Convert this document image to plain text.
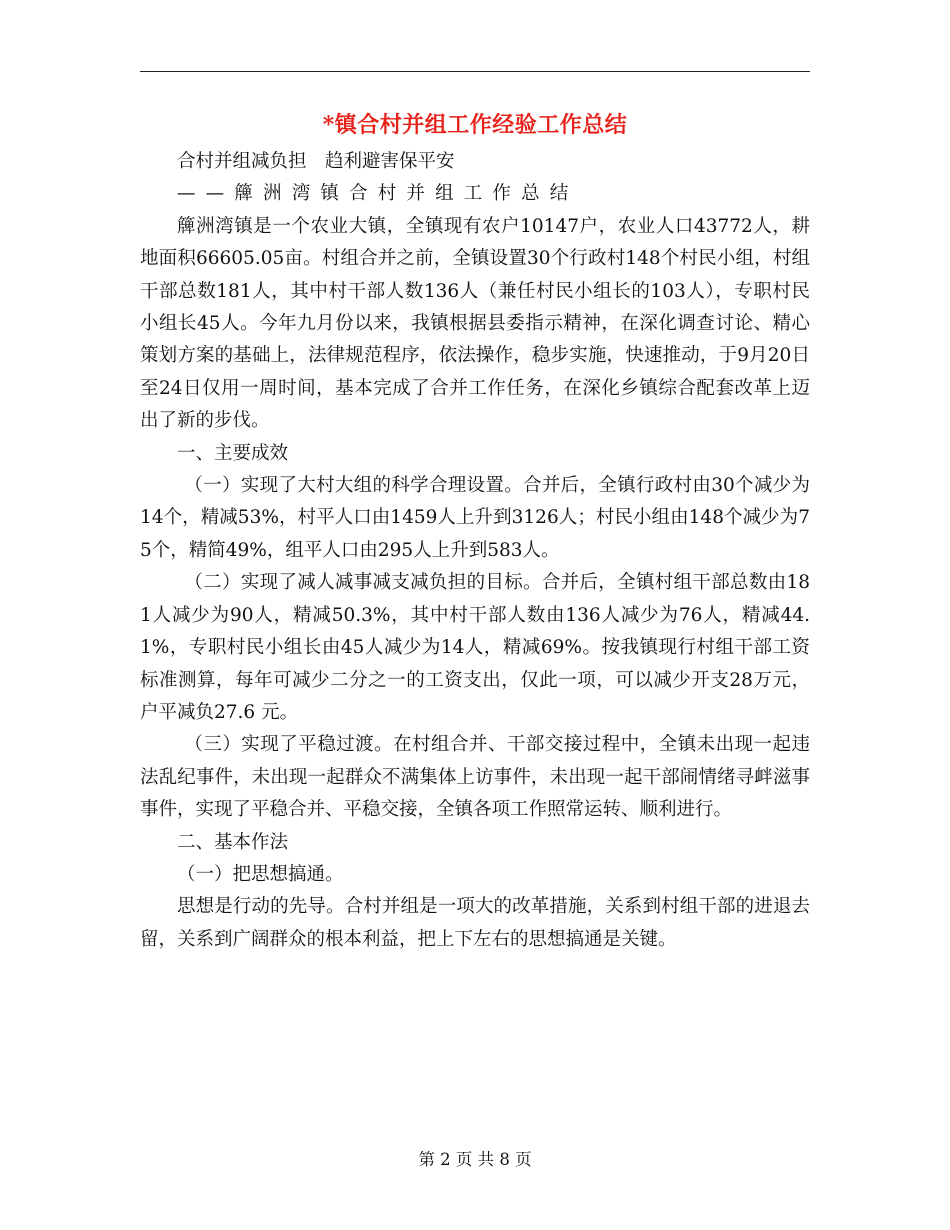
*镇合村并组工作经验工作总结

合村并组减负担　趋利避害保平安

——簰洲湾镇合村并组工作总结

簰洲湾镇是一个农业大镇，全镇现有农户10147户，农业人口43772人，耕地面积66605.05亩。村组合并之前，全镇设置30个行政村148个村民小组，村组干部总数181人，其中村干部人数136人（兼任村民小组长的103人），专职村民小组长45人。今年九月份以来，我镇根据县委指示精神，在深化调查讨论、精心策划方案的基础上，法律规范程序，依法操作，稳步实施，快速推动，于9月20日至24日仅用一周时间，基本完成了合并工作任务，在深化乡镇综合配套改革上迈出了新的步伐。

一、主要成效

（一）实现了大村大组的科学合理设置。合并后，全镇行政村由30个减少为14个，精减53%，村平人口由1459人上升到3126人；村民小组由148个减少为75个，精简49%，组平人口由295人上升到583人。

（二）实现了减人减事减支减负担的目标。合并后，全镇村组干部总数由181人减少为90人，精减50.3%，其中村干部人数由136人减少为76人，精减44.1%，专职村民小组长由45人减少为14人，精减69%。按我镇现行村组干部工资标准测算，每年可减少二分之一的工资支出，仅此一项，可以减少开支28万元，户平减负27.6 元。

（三）实现了平稳过渡。在村组合并、干部交接过程中，全镇未出现一起违法乱纪事件，未出现一起群众不满集体上访事件，未出现一起干部闹情绪寻衅滋事事件，实现了平稳合并、平稳交接，全镇各项工作照常运转、顺利进行。

二、基本作法

（一）把思想搞通。

思想是行动的先导。合村并组是一项大的改革措施，关系到村组干部的进退去留，关系到广阔群众的根本利益，把上下左右的思想搞通是关键。

第 2 页 共 8 页
